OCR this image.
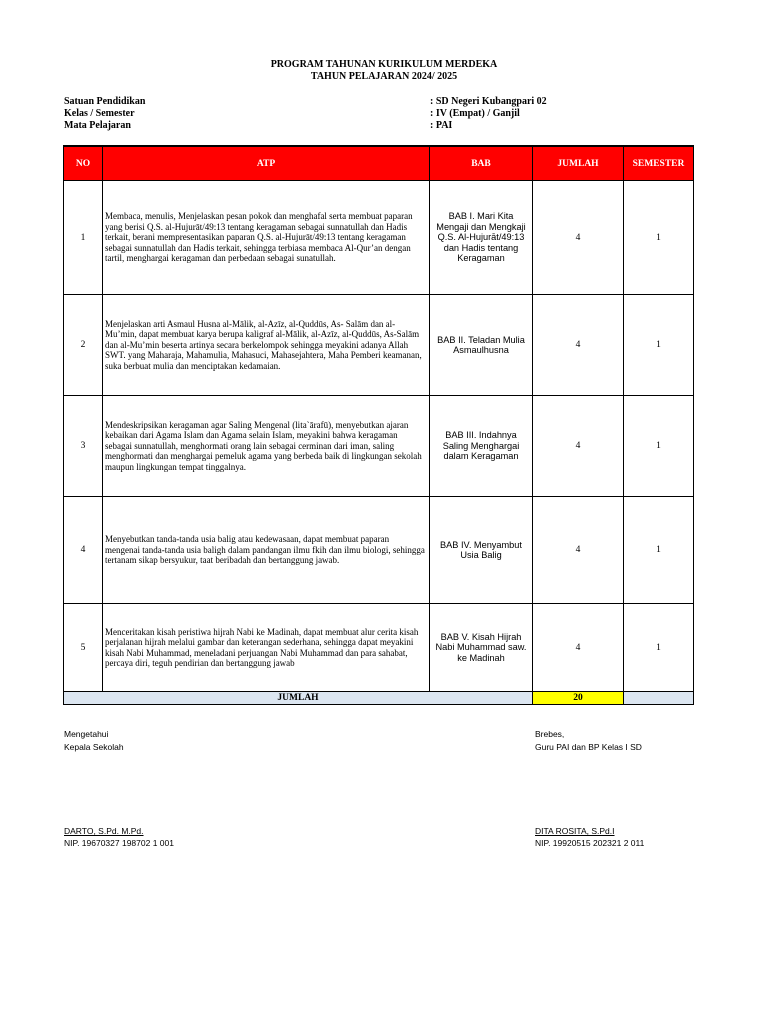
PROGRAM TAHUNAN KURIKULUM MERDEKA
TAHUN PELAJARAN 2024/ 2025
Satuan Pendidikan	: SD Negeri Kubangpari 02
Kelas / Semester	: IV (Empat) / Ganjil
Mata Pelajaran	: PAI
NO	ATP	BAB	JUMLAH	SEMESTER
1	Membaca, menulis, Menjelaskan pesan pokok dan menghafal serta membuat paparan yang berisi Q.S. al-Hujurāt/49:13 tentang keragaman sebagai sunnatullah dan Hadis terkait, berani mempresentasikan paparan Q.S. al-Hujurāt/49:13 tentang keragaman sebagai sunnatullah dan Hadis terkait, sehingga terbiasa membaca Al-Qur’an dengan tartil, menghargai keragaman dan perbedaan sebagai sunatullah.	BAB I. Mari Kita Mengaji dan Mengkaji Q.S. Al-Hujurāt/49:13 dan Hadis tentang Keragaman	4	1
2	Menjelaskan arti Asmaul Husna al-Mālik, al-Azīz, al-Quddūs, As- Salām dan al-Mu’min, dapat membuat karya berupa kaligraf al-Mālik, al-Azīz, al-Quddūs, As-Salām dan al-Mu’min beserta artinya secara berkelompok sehingga meyakini adanya Allah SWT. yang Maharaja, Mahamulia, Mahasuci, Mahasejahtera, Maha Pemberi keamanan, suka berbuat mulia dan menciptakan kedamaian.	BAB II. Teladan Mulia Asmaulhusna	4	1
3	Mendeskripsikan keragaman agar Saling Mengenal (lita`ārafū), menyebutkan ajaran kebaikan dari Agama Islam dan Agama selain Islam, meyakini bahwa keragaman sebagai sunnatullah, menghormati orang lain sebagai cerminan dari iman, saling menghormati dan menghargai pemeluk agama yang berbeda baik di lingkungan sekolah maupun lingkungan tempat tinggalnya.	BAB III. Indahnya Saling Menghargai dalam Keragaman	4	1
4	Menyebutkan tanda-tanda usia balig atau kedewasaan, dapat membuat paparan mengenai tanda-tanda usia baligh dalam pandangan ilmu fkih dan ilmu biologi, sehingga tertanam sikap bersyukur, taat beribadah dan bertanggung jawab.	BAB IV. Menyambut Usia Balig	4	1
5	Menceritakan kisah peristiwa hijrah Nabi ke Madinah, dapat membuat alur cerita kisah perjalanan hijrah melalui gambar dan keterangan sederhana, sehingga dapat meyakini kisah Nabi Muhammad, meneladani perjuangan Nabi Muhammad dan para sahabat, percaya diri, teguh pendirian dan bertanggung jawab	BAB V. Kisah Hijrah Nabi Muhammad saw. ke Madinah	4	1
JUMLAH			20	
Mengetahui
Kepala Sekolah
DARTO, S.Pd. M.Pd.
NIP. 19670327 198702 1 001
Brebes,
Guru PAI dan BP Kelas I SD
DITA ROSITA, S.Pd.I
NIP. 19920515 202321 2 011
